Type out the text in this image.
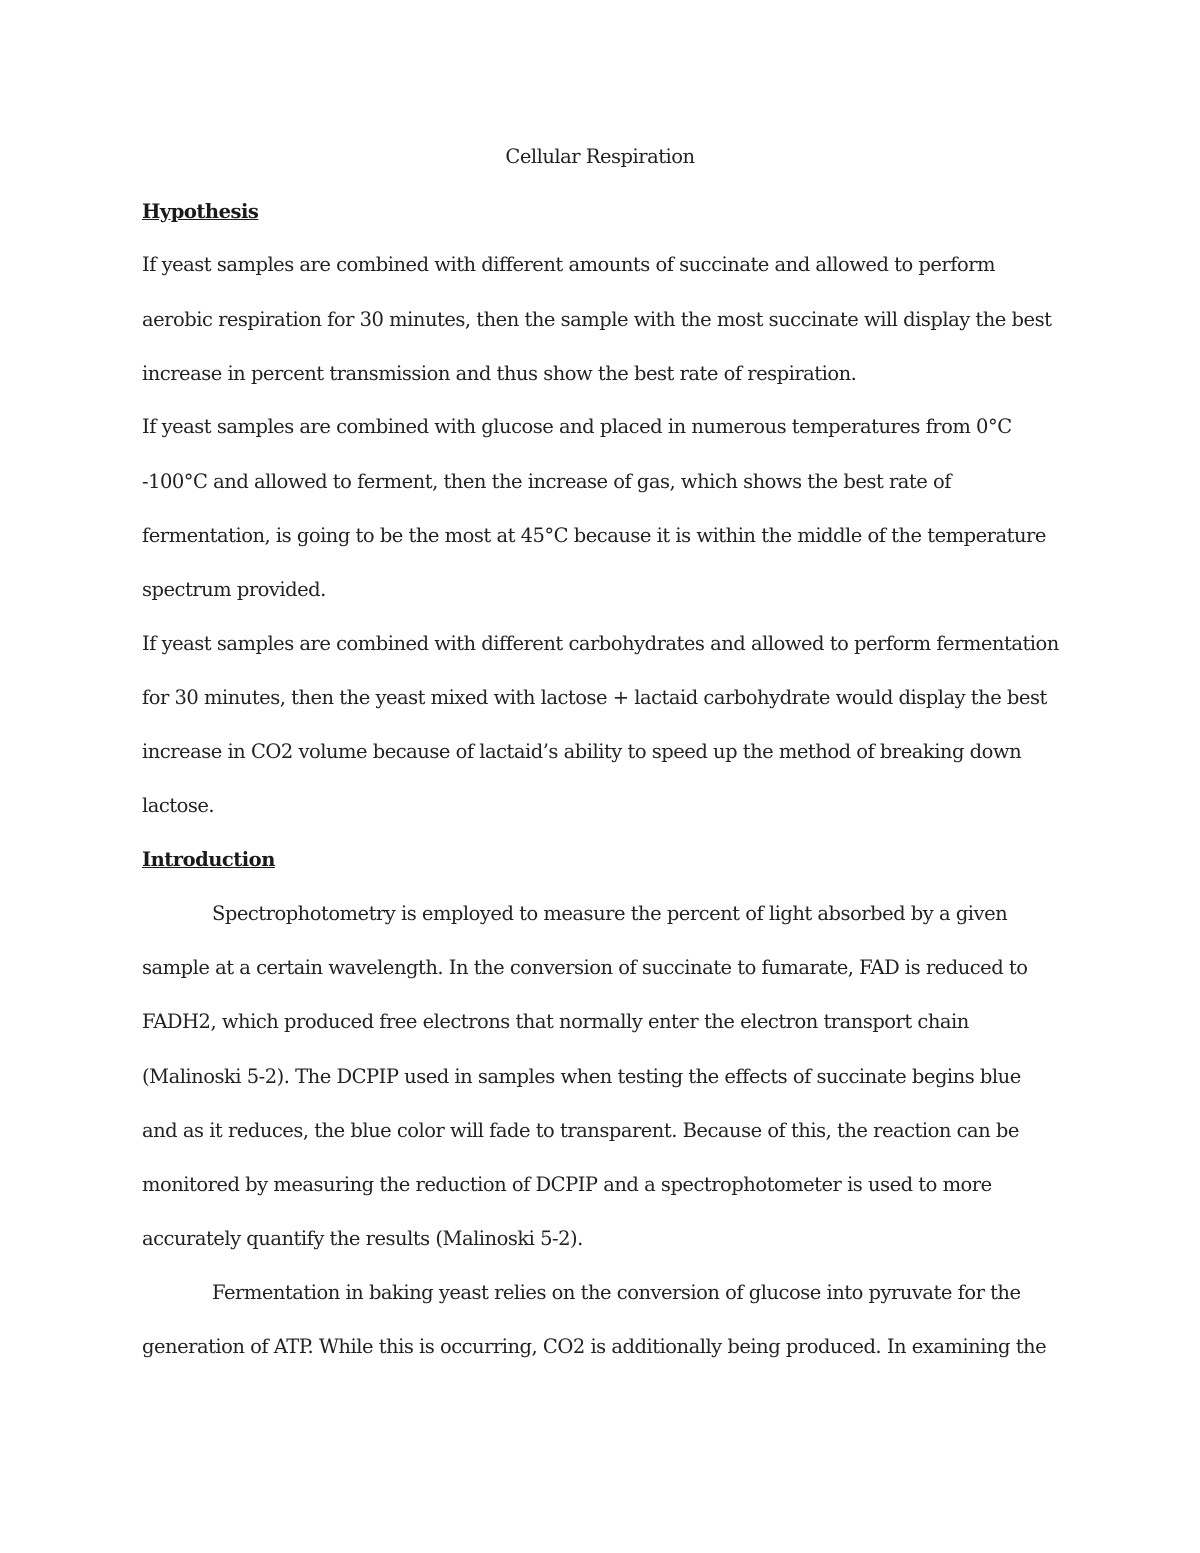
Cellular Respiration
Hypothesis
If yeast samples are combined with different amounts of succinate and allowed to perform
aerobic respiration for 30 minutes, then the sample with the most succinate will display the best
increase in percent transmission and thus show the best rate of respiration.
If yeast samples are combined with glucose and placed in numerous temperatures from 0°C
-100°C and allowed to ferment, then the increase of gas, which shows the best rate of
fermentation, is going to be the most at 45°C because it is within the middle of the temperature
spectrum provided.
If yeast samples are combined with different carbohydrates and allowed to perform fermentation
for 30 minutes, then the yeast mixed with lactose + lactaid carbohydrate would display the best
increase in CO2 volume because of lactaid’s ability to speed up the method of breaking down
lactose.
Introduction
Spectrophotometry is employed to measure the percent of light absorbed by a given
sample at a certain wavelength. In the conversion of succinate to fumarate, FAD is reduced to
FADH2, which produced free electrons that normally enter the electron transport chain
(Malinoski 5-2). The DCPIP used in samples when testing the effects of succinate begins blue
and as it reduces, the blue color will fade to transparent. Because of this, the reaction can be
monitored by measuring the reduction of DCPIP and a spectrophotometer is used to more
accurately quantify the results (Malinoski 5-2).
Fermentation in baking yeast relies on the conversion of glucose into pyruvate for the
generation of ATP. While this is occurring, CO2 is additionally being produced. In examining the
